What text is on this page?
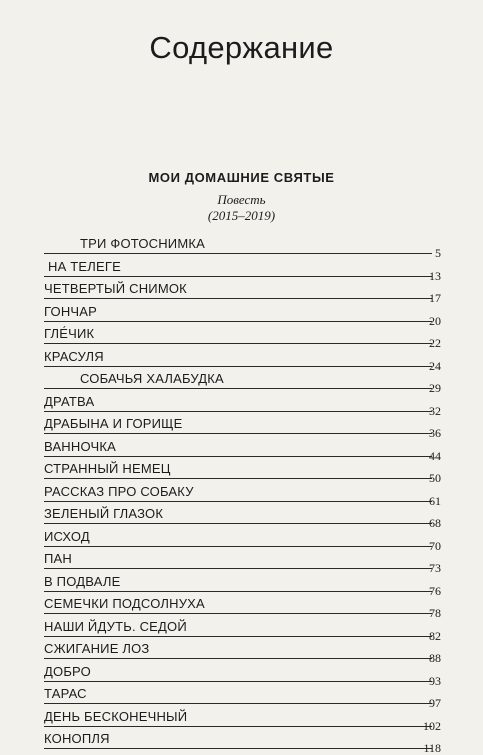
Содержание
МОИ ДОМАШНИЕ СВЯТЫЕ
Повесть
(2015–2019)
ТРИ ФОТОСНИМКА
5
НА ТЕЛЕГЕ
13
ЧЕТВЕРТЫЙ СНИМОК
17
ГОНЧАР
20
ГЛЕ́ЧИК
22
КРАСУЛЯ
24
СОБАЧЬЯ ХАЛАБУДКА
29
ДРАТВА
32
ДРАБЫНА И ГОРИЩЕ
36
ВАННОЧКА
44
СТРАННЫЙ НЕМЕЦ
50
РАССКАЗ ПРО СОБАКУ
61
ЗЕЛЕНЫЙ ГЛАЗОК
68
ИСХОД
70
ПАН
73
В ПОДВАЛЕ
76
СЕМЕЧКИ ПОДСОЛНУХА
78
НАШИ ЙДУТЬ. СЕДОЙ
82
СЖИГАНИЕ ЛОЗ
88
ДОБРО
93
ТАРАС
97
ДЕНЬ БЕСКОНЕЧНЫЙ
102
КОНОПЛЯ
118
